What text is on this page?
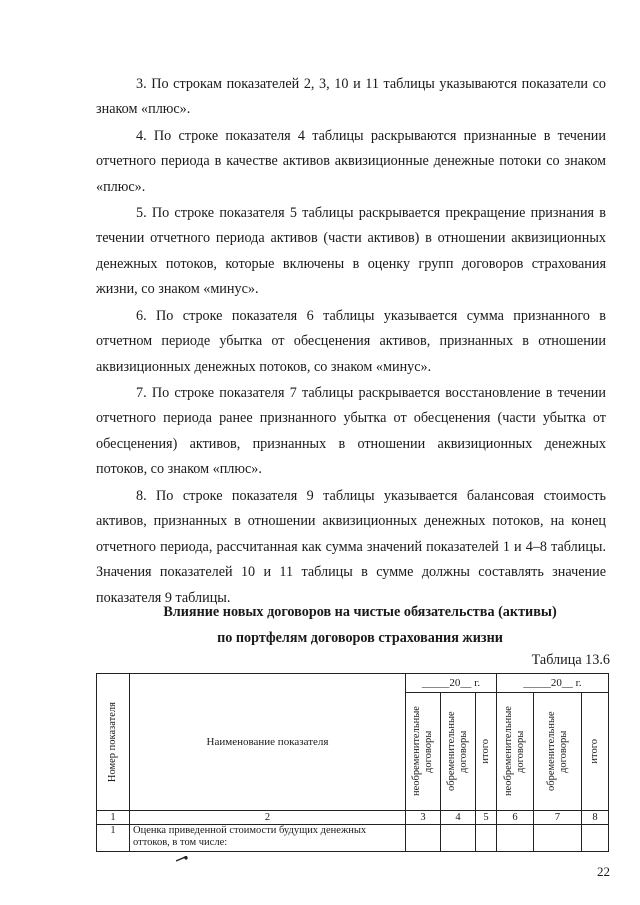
3. По строкам показателей 2, 3, 10 и 11 таблицы указываются показатели со знаком «плюс».

4. По строке показателя 4 таблицы раскрываются признанные в течении отчетного периода в качестве активов аквизиционные денежные потоки со знаком «плюс».

5. По строке показателя 5 таблицы раскрывается прекращение признания в течении отчетного периода активов (части активов) в отношении аквизиционных денежных потоков, которые включены в оценку групп договоров страхования жизни, со знаком «минус».

6. По строке показателя 6 таблицы указывается сумма признанного в отчетном периоде убытка от обесценения активов, признанных в отношении аквизиционных денежных потоков, со знаком «минус».

7. По строке показателя 7 таблицы раскрывается восстановление в течении отчетного периода ранее признанного убытка от обесценения (части убытка от обесценения) активов, признанных в отношении аквизиционных денежных потоков, со знаком «плюс».

8. По строке показателя 9 таблицы указывается балансовая стоимость активов, признанных в отношении аквизиционных денежных потоков, на конец отчетного периода, рассчитанная как сумма значений показателей 1 и 4–8 таблицы. Значения показателей 10 и 11 таблицы в сумме должны составлять значение показателя 9 таблицы.

Влияние новых договоров на чистые обязательства (активы)

по портфелям договоров страхования жизни

Таблица 13.6
Номер показателя	Наименование показателя	_____20__ г.			_____20__ г.		

		необременительные договоры	обременительные договоры	итого	необременительные договоры	обременительные договоры	итого

1	2	3	4	5	6	7	8
1	Оценка приведенной стоимости будущих денежных оттоков, в том числе:						
22
